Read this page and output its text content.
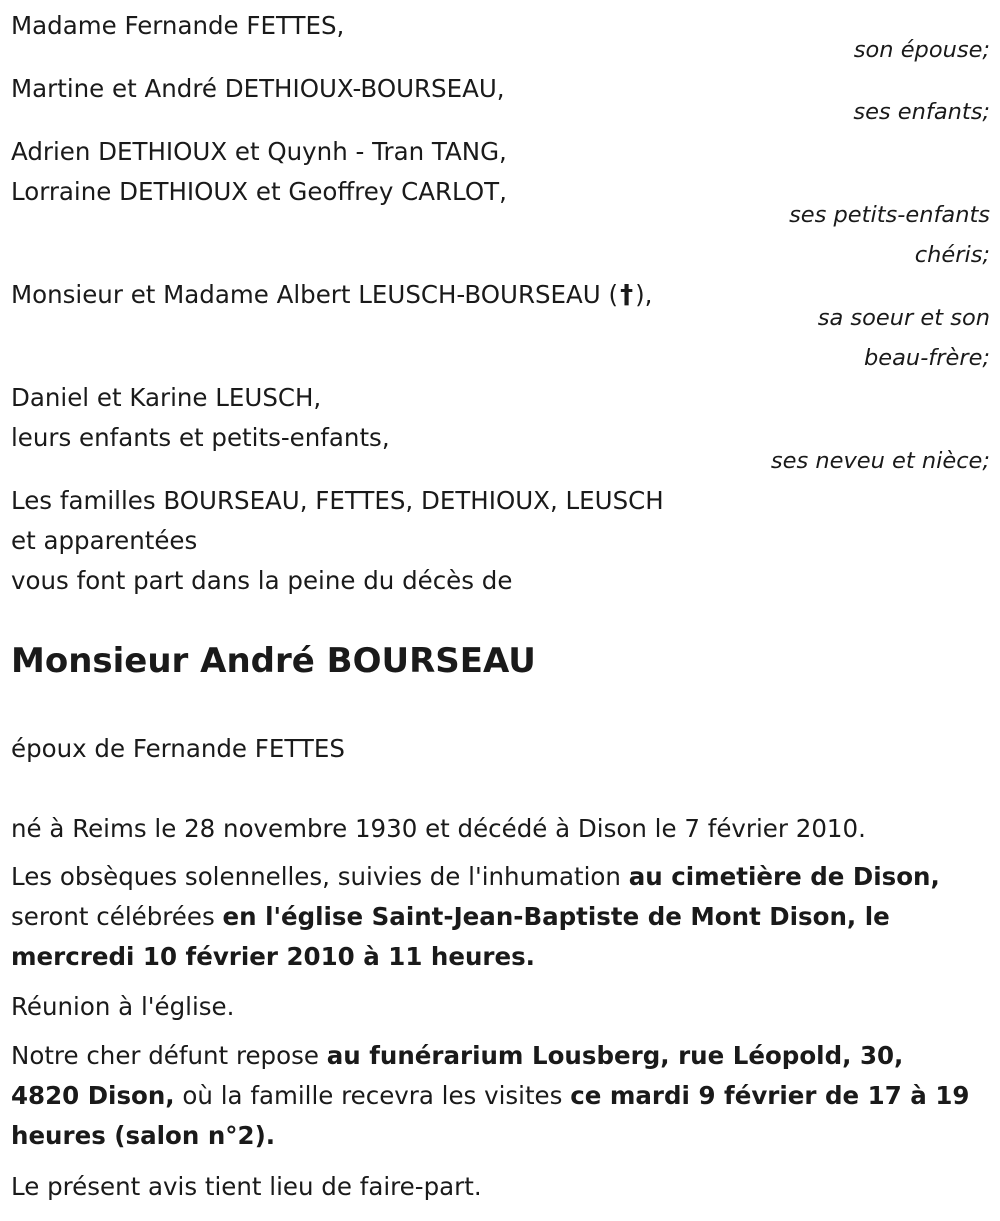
Madame Fernande FETTES,

son épouse;

Martine et André DETHIOUX-BOURSEAU,

ses enfants;

Adrien DETHIOUX et Quynh - Tran TANG,

Lorraine DETHIOUX et Geoffrey CARLOT,

ses petits-enfants

chéris;

Monsieur et Madame Albert LEUSCH-BOURSEAU (†),

sa soeur et son

beau-frère;

Daniel et Karine LEUSCH,

leurs enfants et petits-enfants,

ses neveu et nièce;

Les familles BOURSEAU, FETTES, DETHIOUX, LEUSCH

et apparentées

vous font part dans la peine du décès de

Monsieur André BOURSEAU

époux de Fernande FETTES

né à Reims le 28 novembre 1930 et décédé à Dison le 7 février 2010.

Les obsèques solennelles, suivies de l'inhumation au cimetière de Dison,

seront célébrées en l'église Saint-Jean-Baptiste de Mont Dison, le

mercredi 10 février 2010 à 11 heures.

Réunion à l'église.

Notre cher défunt repose au funérarium Lousberg, rue Léopold, 30,

4820 Dison, où la famille recevra les visites ce mardi 9 février de 17 à 19

heures (salon n°2).

Le présent avis tient lieu de faire-part.
